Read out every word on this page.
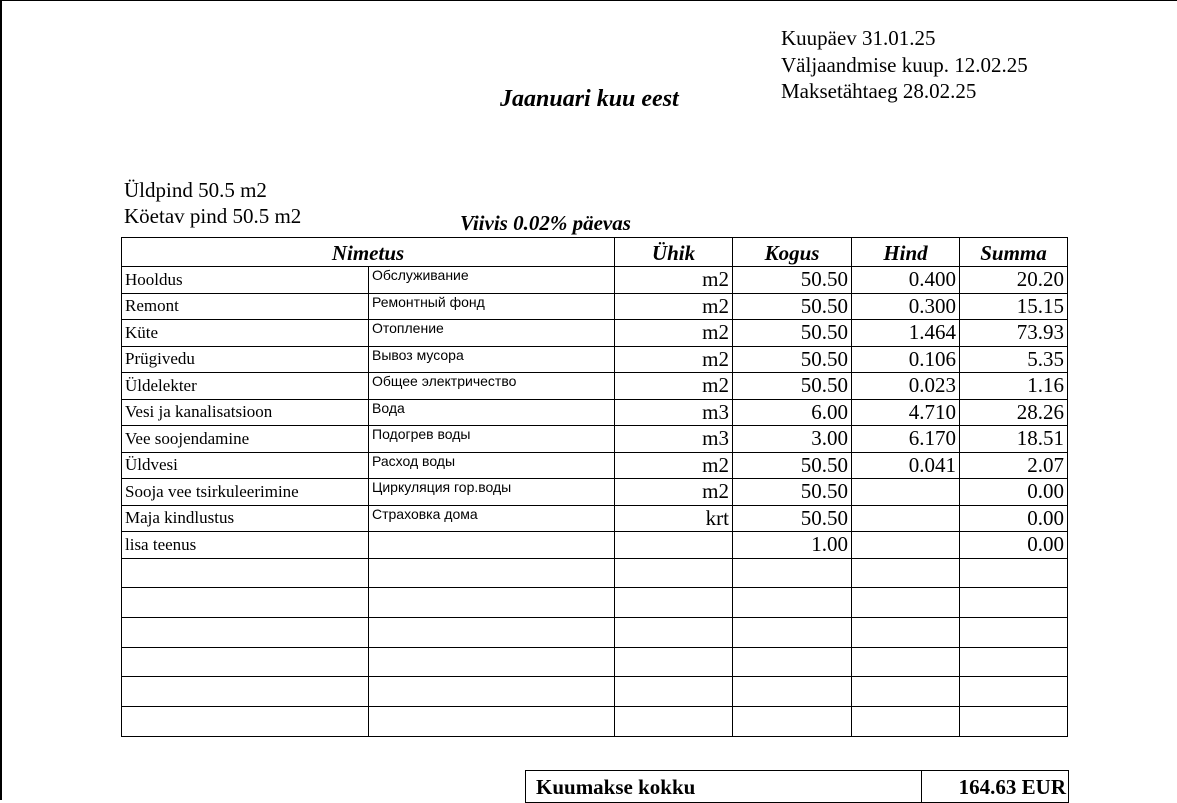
Kuupäev 31.01.25
Väljaandmise kuup. 12.02.25
Maksetähtaeg 28.02.25
Jaanuari kuu eest
Üldpind 50.5 m2
Köetav pind 50.5 m2	Viivis 0.02% päevas
Nimetus		Ühik	Kogus	Hind	Summa
Hooldus	Обслуживание	m2	50.50	0.400	20.20
Remont	Ремонтный фонд	m2	50.50	0.300	15.15
Küte	Отопление	m2	50.50	1.464	73.93
Prügivedu	Вывоз мусора	m2	50.50	0.106	5.35
Üldelekter	Общее электричество	m2	50.50	0.023	1.16
Vesi ja kanalisatsioon	Вода	m3	6.00	4.710	28.26
Vee soojendamine	Подогрев воды	m3	3.00	6.170	18.51
Üldvesi	Расход воды	m2	50.50	0.041	2.07
Sooja vee tsirkuleerimine	Циркуляция гор.воды	m2	50.50		0.00
Maja kindlustus	Страховка дома	krt	50.50		0.00
lisa teenus			1.00		0.00

Kuumakse kokku	164.63 EUR
